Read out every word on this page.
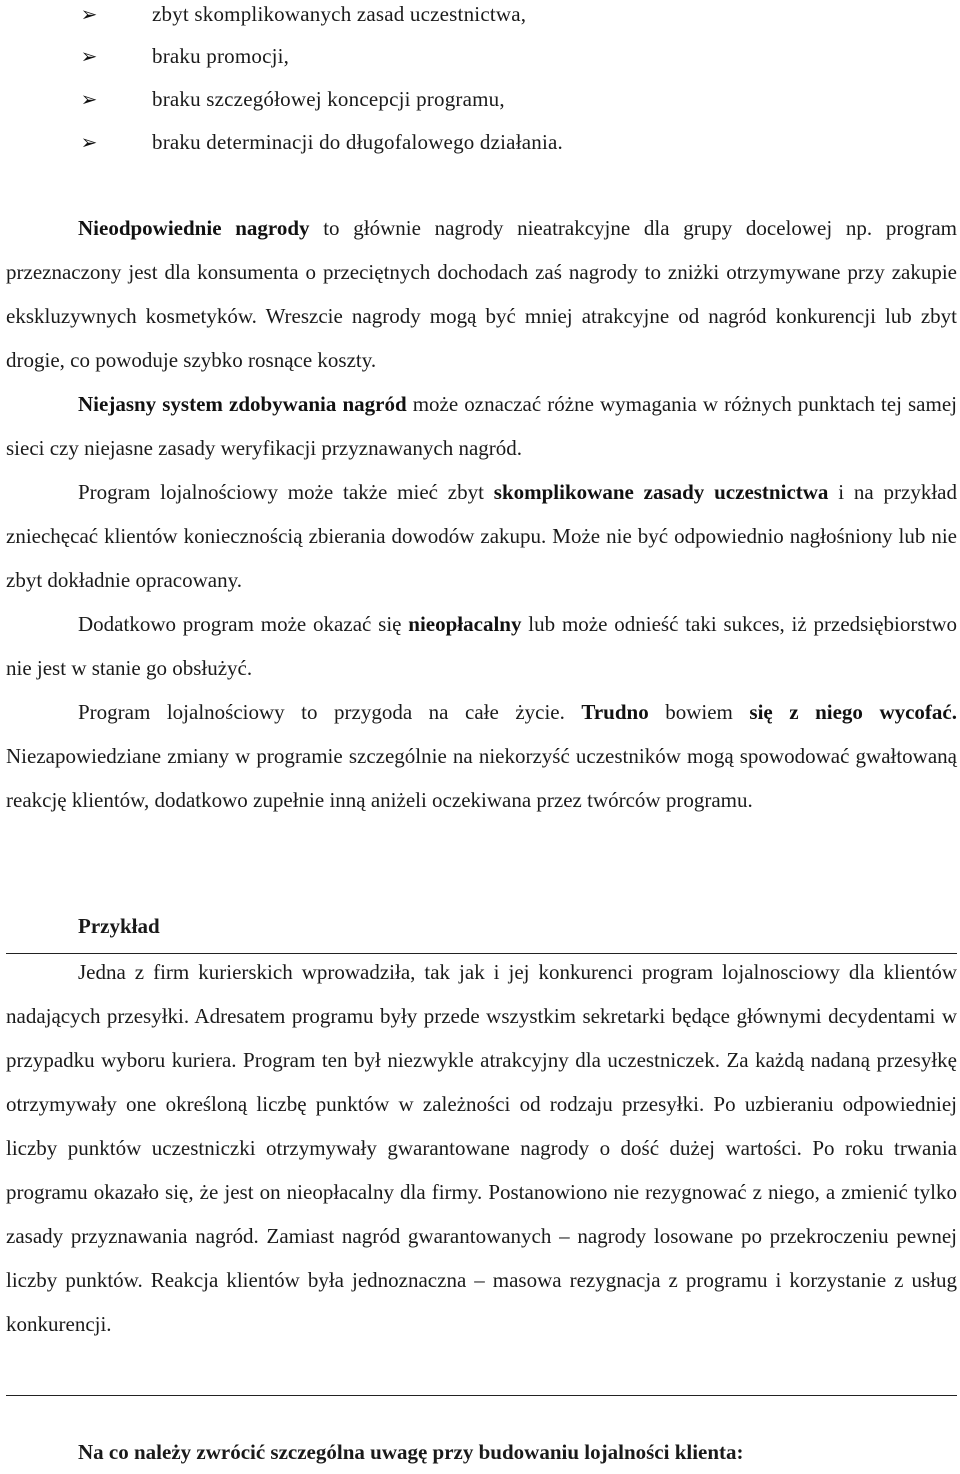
➢	zbyt skomplikowanych zasad uczestnictwa,
➢	braku promocji,
➢	braku szczegółowej koncepcji programu,
➢	braku determinacji do długofalowego działania.

Nieodpowiednie nagrody to głównie nagrody nieatrakcyjne dla grupy docelowej np. program przeznaczony jest dla konsumenta o przeciętnych dochodach zaś nagrody to zniżki otrzymywane przy zakupie ekskluzywnych kosmetyków. Wreszcie nagrody mogą być mniej atrakcyjne od nagród konkurencji lub zbyt drogie, co powoduje szybko rosnące koszty.

Niejasny system zdobywania nagród może oznaczać różne wymagania w różnych punktach tej samej sieci czy niejasne zasady weryfikacji przyznawanych nagród.

Program lojalnościowy może także mieć zbyt skomplikowane zasady uczestnictwa i na przykład zniechęcać klientów koniecznością zbierania dowodów zakupu. Może nie być odpowiednio nagłośniony lub nie zbyt dokładnie opracowany.

Dodatkowo program może okazać się nieopłacalny lub może odnieść taki sukces, iż przedsiębiorstwo nie jest w stanie go obsłużyć.

Program lojalnościowy to przygoda na całe życie. Trudno bowiem się z niego wycofać. Niezapowiedziane zmiany w programie szczególnie na niekorzyść uczestników mogą spowodować gwałtowaną reakcję klientów, dodatkowo zupełnie inną aniżeli oczekiwana przez twórców programu.

Przykład

Jedna z firm kurierskich wprowadziła, tak jak i jej konkurenci program lojalnosciowy dla klientów nadających przesyłki. Adresatem programu były przede wszystkim sekretarki będące głównymi decydentami w przypadku wyboru kuriera. Program ten był niezwykle atrakcyjny dla uczestniczek. Za każdą nadaną przesyłkę otrzymywały one określoną liczbę punktów w zależności od rodzaju przesyłki. Po uzbieraniu odpowiedniej liczby punktów uczestniczki otrzymywały gwarantowane nagrody o dość dużej wartości. Po roku trwania programu okazało się, że jest on nieopłacalny dla firmy. Postanowiono nie rezygnować z niego, a zmienić tylko zasady przyznawania nagród. Zamiast nagród gwarantowanych – nagrody losowane po przekroczeniu pewnej liczby punktów. Reakcja klientów była jednoznaczna – masowa rezygnacja z programu i korzystanie z usług konkurencji.

Na co należy zwrócić szczególna uwagę przy budowaniu lojalności klienta:
